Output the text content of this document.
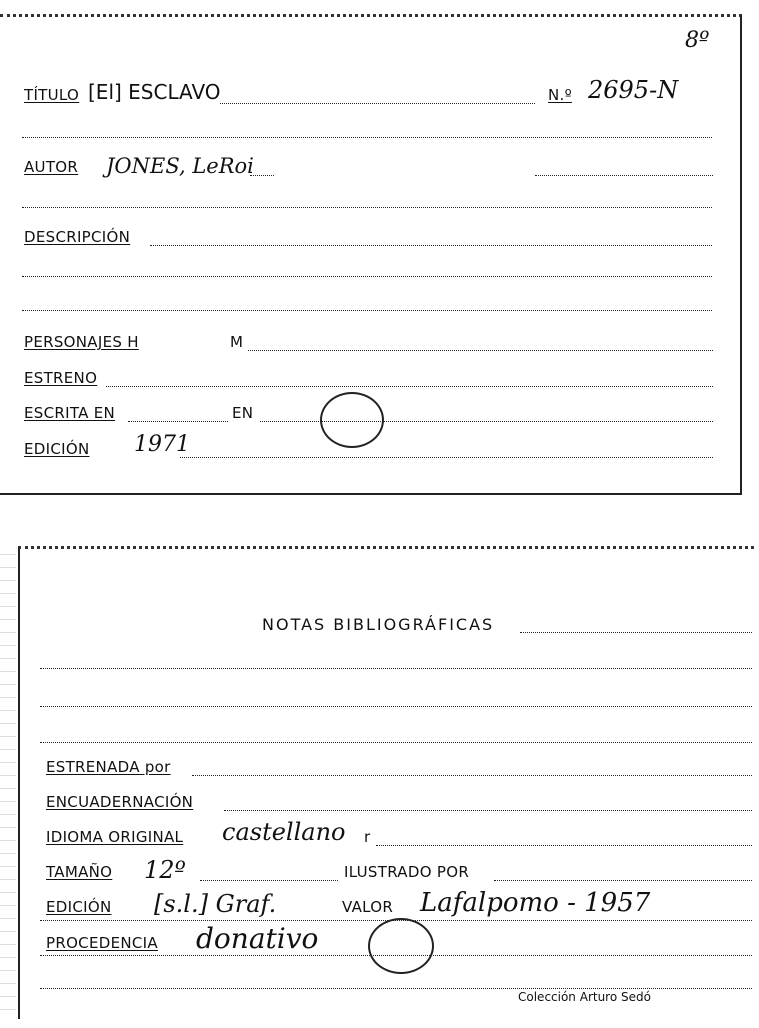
8º
TÍTULO [El] ESCLAVO	N.º 2695-N
AUTOR JONES, LeRoi
DESCRIPCIÓN
PERSONAJES H	M
ESTRENO
ESCRITA EN	EN
EDICIÓN 1971
NOTAS BIBLIOGRÁFICAS
ESTRENADA por
ENCUADERNACIÓN
IDIOMA ORIGINAL castellano r
TAMAÑO 12º	ILUSTRADO POR
EDICIÓN [s.l.] Graf.	VALOR Lafalpomo - 1957
PROCEDENCIA donativo
Colección Arturo Sedó
